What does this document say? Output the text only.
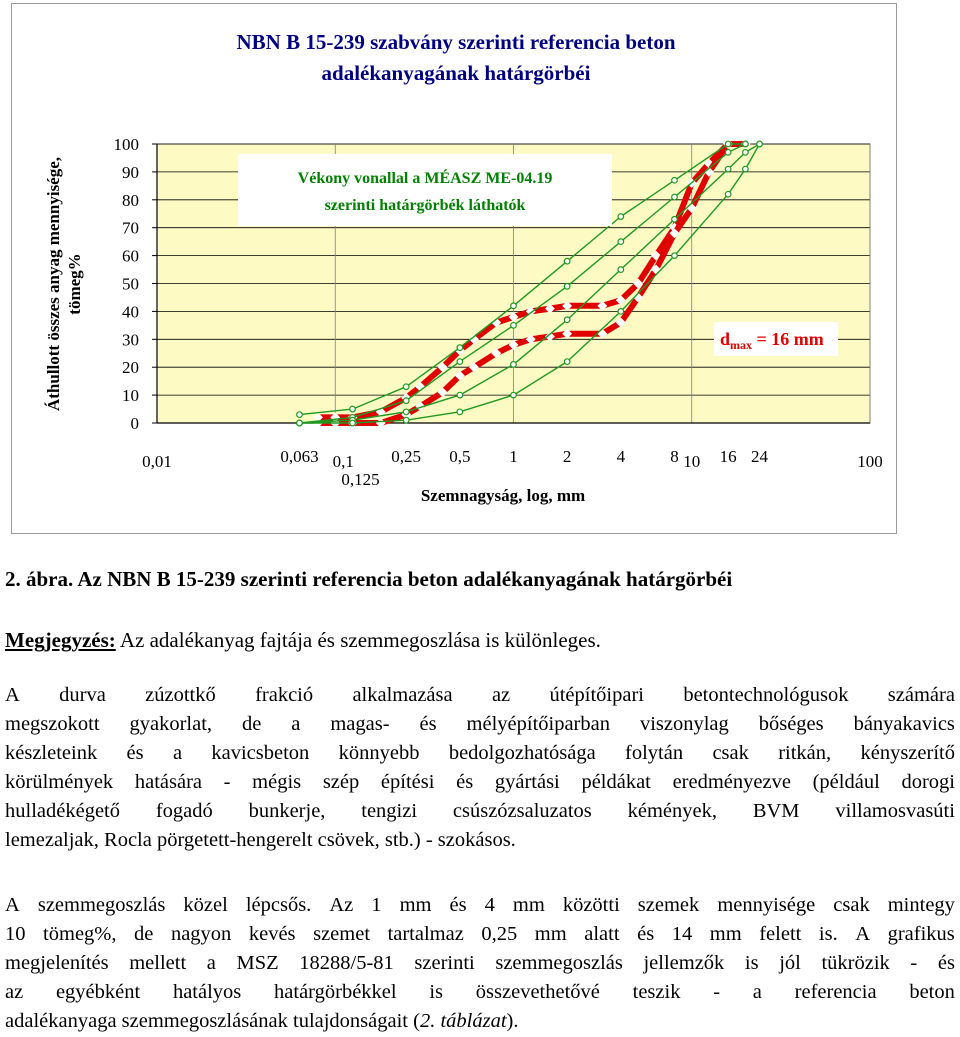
NBN B 15-239 szabvány szerinti referencia beton
adalékanyagának határgörbéi
Áthullott összes anyag mennyisége, tömeg%
Szemnagyság, log, mm
0
10
20
30
40
50
60
70
80
90
100
0,01	0,063 0,1
0,125
0,25 0,5 1	2	4	8 10 16 24	100
Vékony vonallal a MÉASZ ME-04.19
szerinti határgörbék láthatók
$d_{max} = 16$ mm
2. ábra. Az NBN B 15-239 szerinti referencia beton adalékanyagának határgörbéi
Megjegyzés: Az adalékanyag fajtája és szemmegoszlása is különleges.
A durva zúzottkő frakció alkalmazása az útépítőipari betontechnológusok számára
megszokott gyakorlat, de a magas- és mélyépítőiparban viszonylag bőséges bányakavics
készleteink és a kavicsbeton könnyebb bedolgozhatósága folytán csak ritkán, kényszerítő
körülmények hatására - mégis szép építési és gyártási példákat eredményezve (például dorogi
hulladékégető fogadó bunkerje, tengizi csúszózsaluzatos kémények, BVM villamosvasúti
lemezaljak, Rocla pörgetett-hengerelt csövek, stb.) - szokásos.
A szemmegoszlás közel lépcsős. Az 1 mm és 4 mm közötti szemek mennyisége csak mintegy
10 tömeg%, de nagyon kevés szemet tartalmaz 0,25 mm alatt és 14 mm felett is. A grafikus
megjelenítés mellett a MSZ 18288/5-81 szerinti szemmegoszlás jellemzők is jól tükrözik - és
az egyébként hatályos határgörbékkel is összevethetővé teszik - a referencia beton
adalékanyaga szemmegoszlásának tulajdonságait (2. táblázat).
